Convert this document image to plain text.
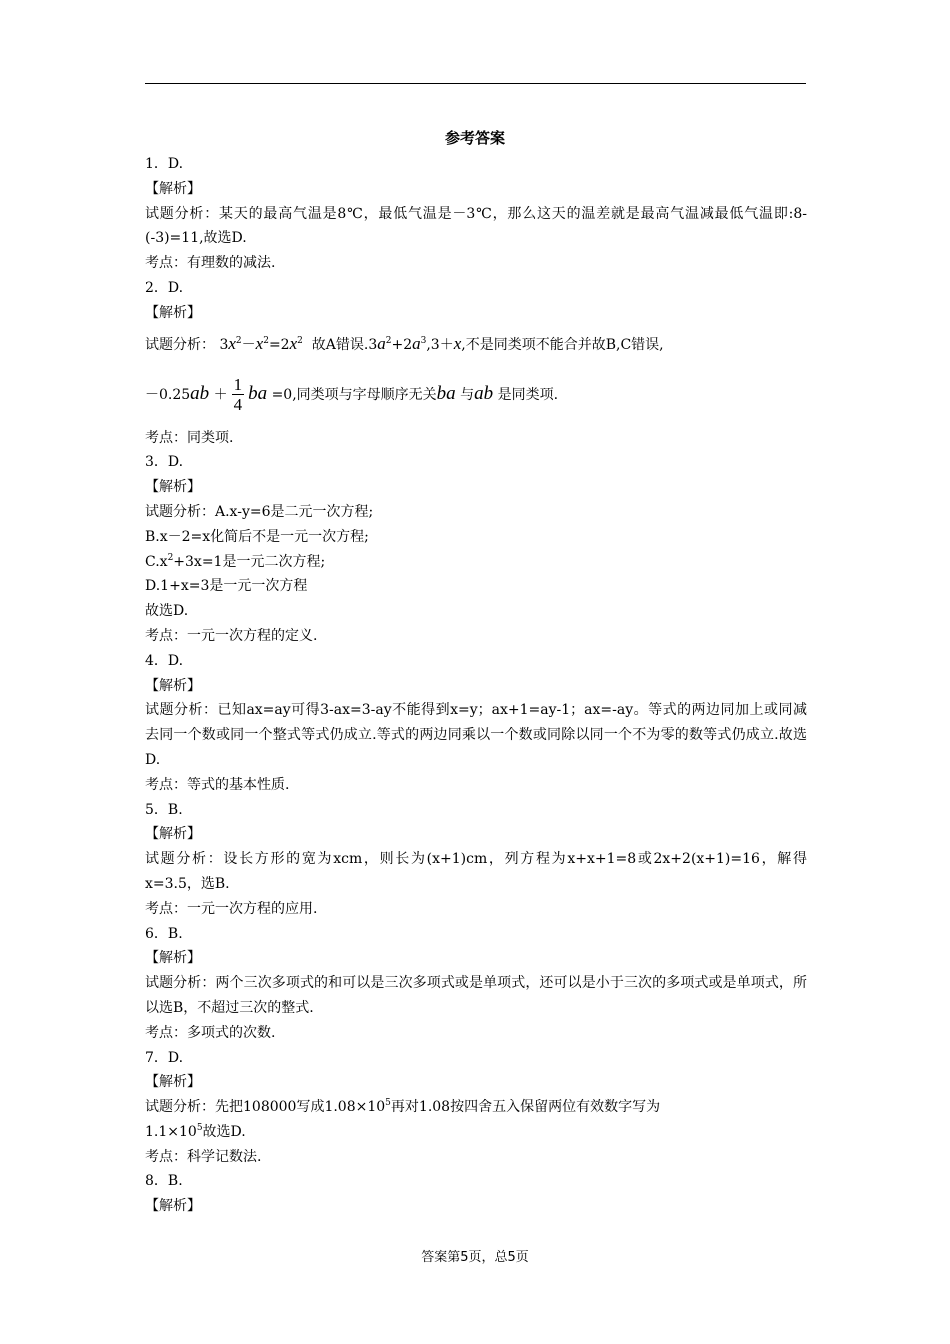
参考答案
1．D.
【解析】
试题分析：某天的最高气温是8℃，最低气温是－3℃，那么这天的温差就是最高气温减最低气温即:8-(-3)=11,故选D.
考点：有理数的减法.
2．D.
【解析】
试题分析： $3x^2-x^2=2x^2$ 故A错误$.3a^2+2a^3,3+x$,不是同类项不能合并故B,C错误,
$-0.25ab + \frac{1}{4}$ ba =0,同类项与字母顺序无关ba 与ab 是同类项.
考点：同类项.
3．D.
【解析】
试题分析：A.x-y=6是二元一次方程;
B.x－2=x化简后不是一元一次方程;
$C.x^2+3x=1$是一元二次方程;
D.1+x=3是一元一次方程
故选D.
考点：一元一次方程的定义.
4．D.
【解析】
试题分析：已知ax=ay可得3-ax=3-ay不能得到x=y；ax+1=ay-1；ax=-ay。等式的两边同加上或同减去同一个数或同一个整式等式仍成立.等式的两边同乘以一个数或同除以同一个不为零的数等式仍成立.故选D.
考点：等式的基本性质.
5．B.
【解析】
试题分析：设长方形的宽为xcm，则长为(x+1)cm，列方程为x+x+1=8或2x+2(x+1)=16，解得x=3.5，选B.
考点：一元一次方程的应用.
6．B.
【解析】
试题分析：两个三次多项式的和可以是三次多项式或是单项式，还可以是小于三次的多项式或是单项式，所以选B，不超过三次的整式.
考点：多项式的次数.
7．D.
【解析】
试题分析：先把108000写成$1.08\times 10^5$再对1.08按四舍五入保留两位有效数字写为
$1.1\times 10^5$故选D.
考点：科学记数法.
8．B.
【解析】
答案第5页，总5页
